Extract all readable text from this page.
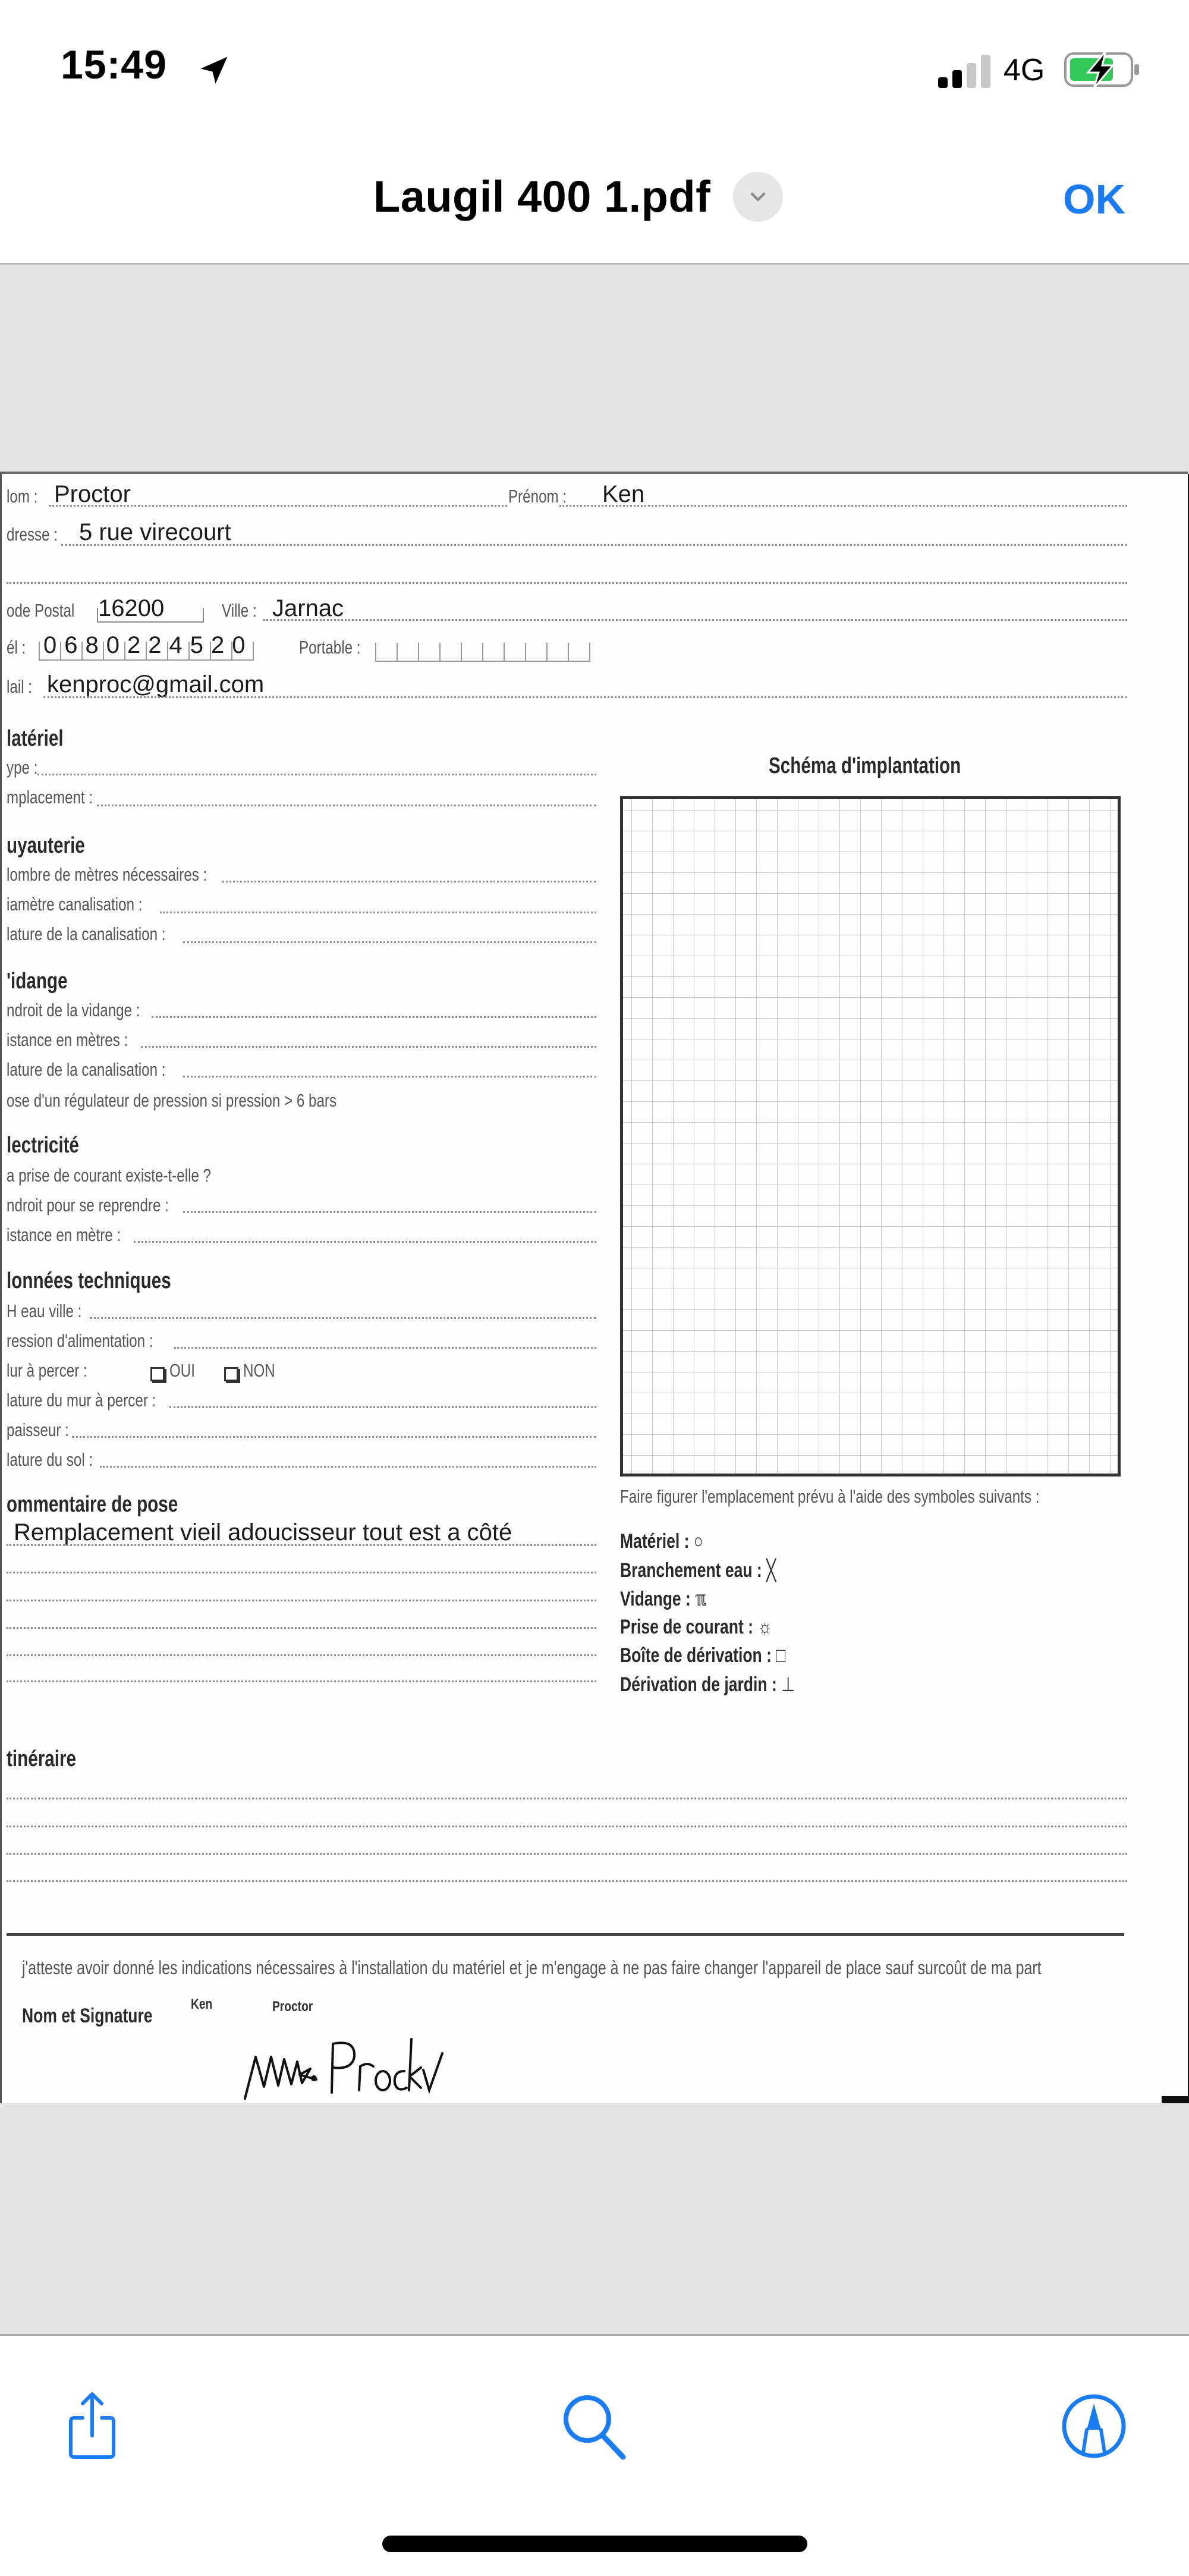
15:49	4G
Laugil 400 1.pdf	OK
lom : Proctor	Prénom : Ken
dresse : 5 rue virecourt
ode Postal 16200	Ville : Jarnac
él : 0680224520	Portable :
lail : kenproc@gmail.com
latériel
ype :
mplacement :
uyauterie
lombre de mètres nécessaires :
iamètre canalisation :
lature de la canalisation :
'idange
ndroit de la vidange :
istance en mètres :
lature de la canalisation :
ose d'un régulateur de pression si pression > 6 bars
lectricité
a prise de courant existe-t-elle ?
ndroit pour se reprendre :
istance en mètre :
lonnées techniques
H eau ville :
ression d'alimentation :
lur à percer :	OUI	NON
lature du mur à percer :
paisseur :
lature du sol :
ommentaire de pose
Remplacement vieil adoucisseur tout est a côté
Schéma d'implantation
Faire figurer l'emplacement prévu à l'aide des symboles suivants :
Matériel : ○
Branchement eau : ╳
Vidange : ℼ
Prise de courant : ☼
Boîte de dérivation : □
Dérivation de jardin : ⊥
tinéraire
j'atteste avoir donné les indications nécessaires à l'installation du matériel et je m'engage à ne pas faire changer l'appareil de place sauf surcoût de ma part
Nom et Signature
Ken	Proctor
